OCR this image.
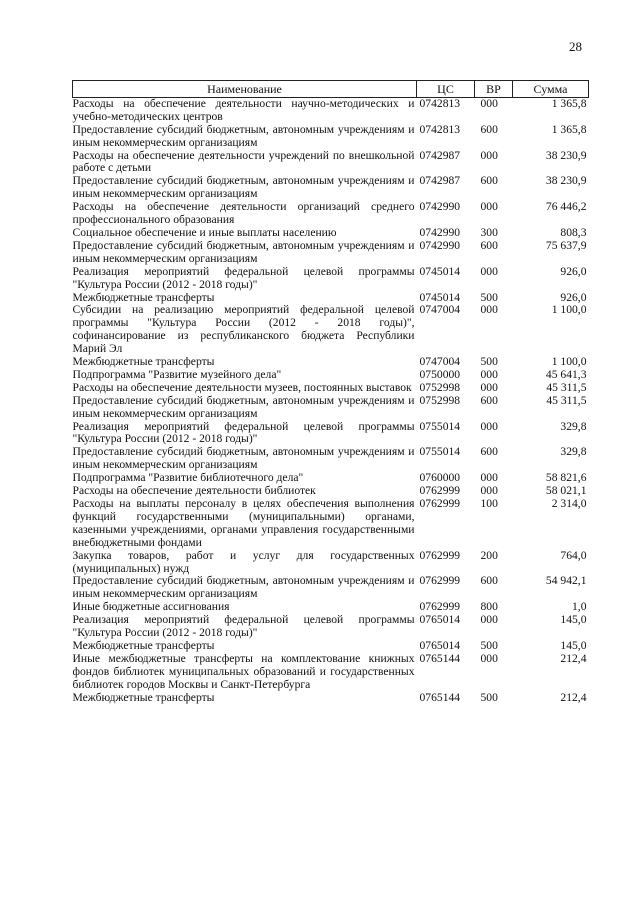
28
Наименование	ЦС	ВР	Сумма
Расходы на обеспечение деятельности научно-методических и учебно-методических центров	0742813	000	1 365,8
Предоставление субсидий бюджетным, автономным учреждениям и иным некоммерческим организациям	0742813	600	1 365,8
Расходы на обеспечение деятельности учреждений по внешкольной работе с детьми	0742987	000	38 230,9
Предоставление субсидий бюджетным, автономным учреждениям и иным некоммерческим организациям	0742987	600	38 230,9
Расходы на обеспечение деятельности организаций среднего профессионального образования	0742990	000	76 446,2
Социальное обеспечение и иные выплаты населению	0742990	300	808,3
Предоставление субсидий бюджетным, автономным учреждениям и иным некоммерческим организациям	0742990	600	75 637,9
Реализация мероприятий федеральной целевой программы "Культура России (2012 - 2018 годы)"	0745014	000	926,0
Межбюджетные трансферты	0745014	500	926,0
Субсидии на реализацию мероприятий федеральной целевой программы "Культура России (2012 - 2018 годы)", софинансирование из республиканского бюджета Республики Марий Эл	0747004	000	1 100,0
Межбюджетные трансферты	0747004	500	1 100,0
Подпрограмма "Развитие музейного дела"	0750000	000	45 641,3
Расходы на обеспечение деятельности музеев, постоянных выставок	0752998	000	45 311,5
Предоставление субсидий бюджетным, автономным учреждениям и иным некоммерческим организациям	0752998	600	45 311,5
Реализация мероприятий федеральной целевой программы "Культура России (2012 - 2018 годы)"	0755014	000	329,8
Предоставление субсидий бюджетным, автономным учреждениям и иным некоммерческим организациям	0755014	600	329,8
Подпрограмма "Развитие библиотечного дела"	0760000	000	58 821,6
Расходы на обеспечение деятельности библиотек	0762999	000	58 021,1
Расходы на выплаты персоналу в целях обеспечения выполнения функций государственными (муниципальными) органами, казенными учреждениями, органами управления государственными внебюджетными фондами	0762999	100	2 314,0
Закупка товаров, работ и услуг для государственных (муниципальных) нужд	0762999	200	764,0
Предоставление субсидий бюджетным, автономным учреждениям и иным некоммерческим организациям	0762999	600	54 942,1
Иные бюджетные ассигнования	0762999	800	1,0
Реализация мероприятий федеральной целевой программы "Культура России (2012 - 2018 годы)"	0765014	000	145,0
Межбюджетные трансферты	0765014	500	145,0
Иные межбюджетные трансферты на комплектование книжных фондов библиотек муниципальных образований и государственных библиотек городов Москвы и Санкт-Петербурга	0765144	000	212,4
Межбюджетные трансферты	0765144	500	212,4
